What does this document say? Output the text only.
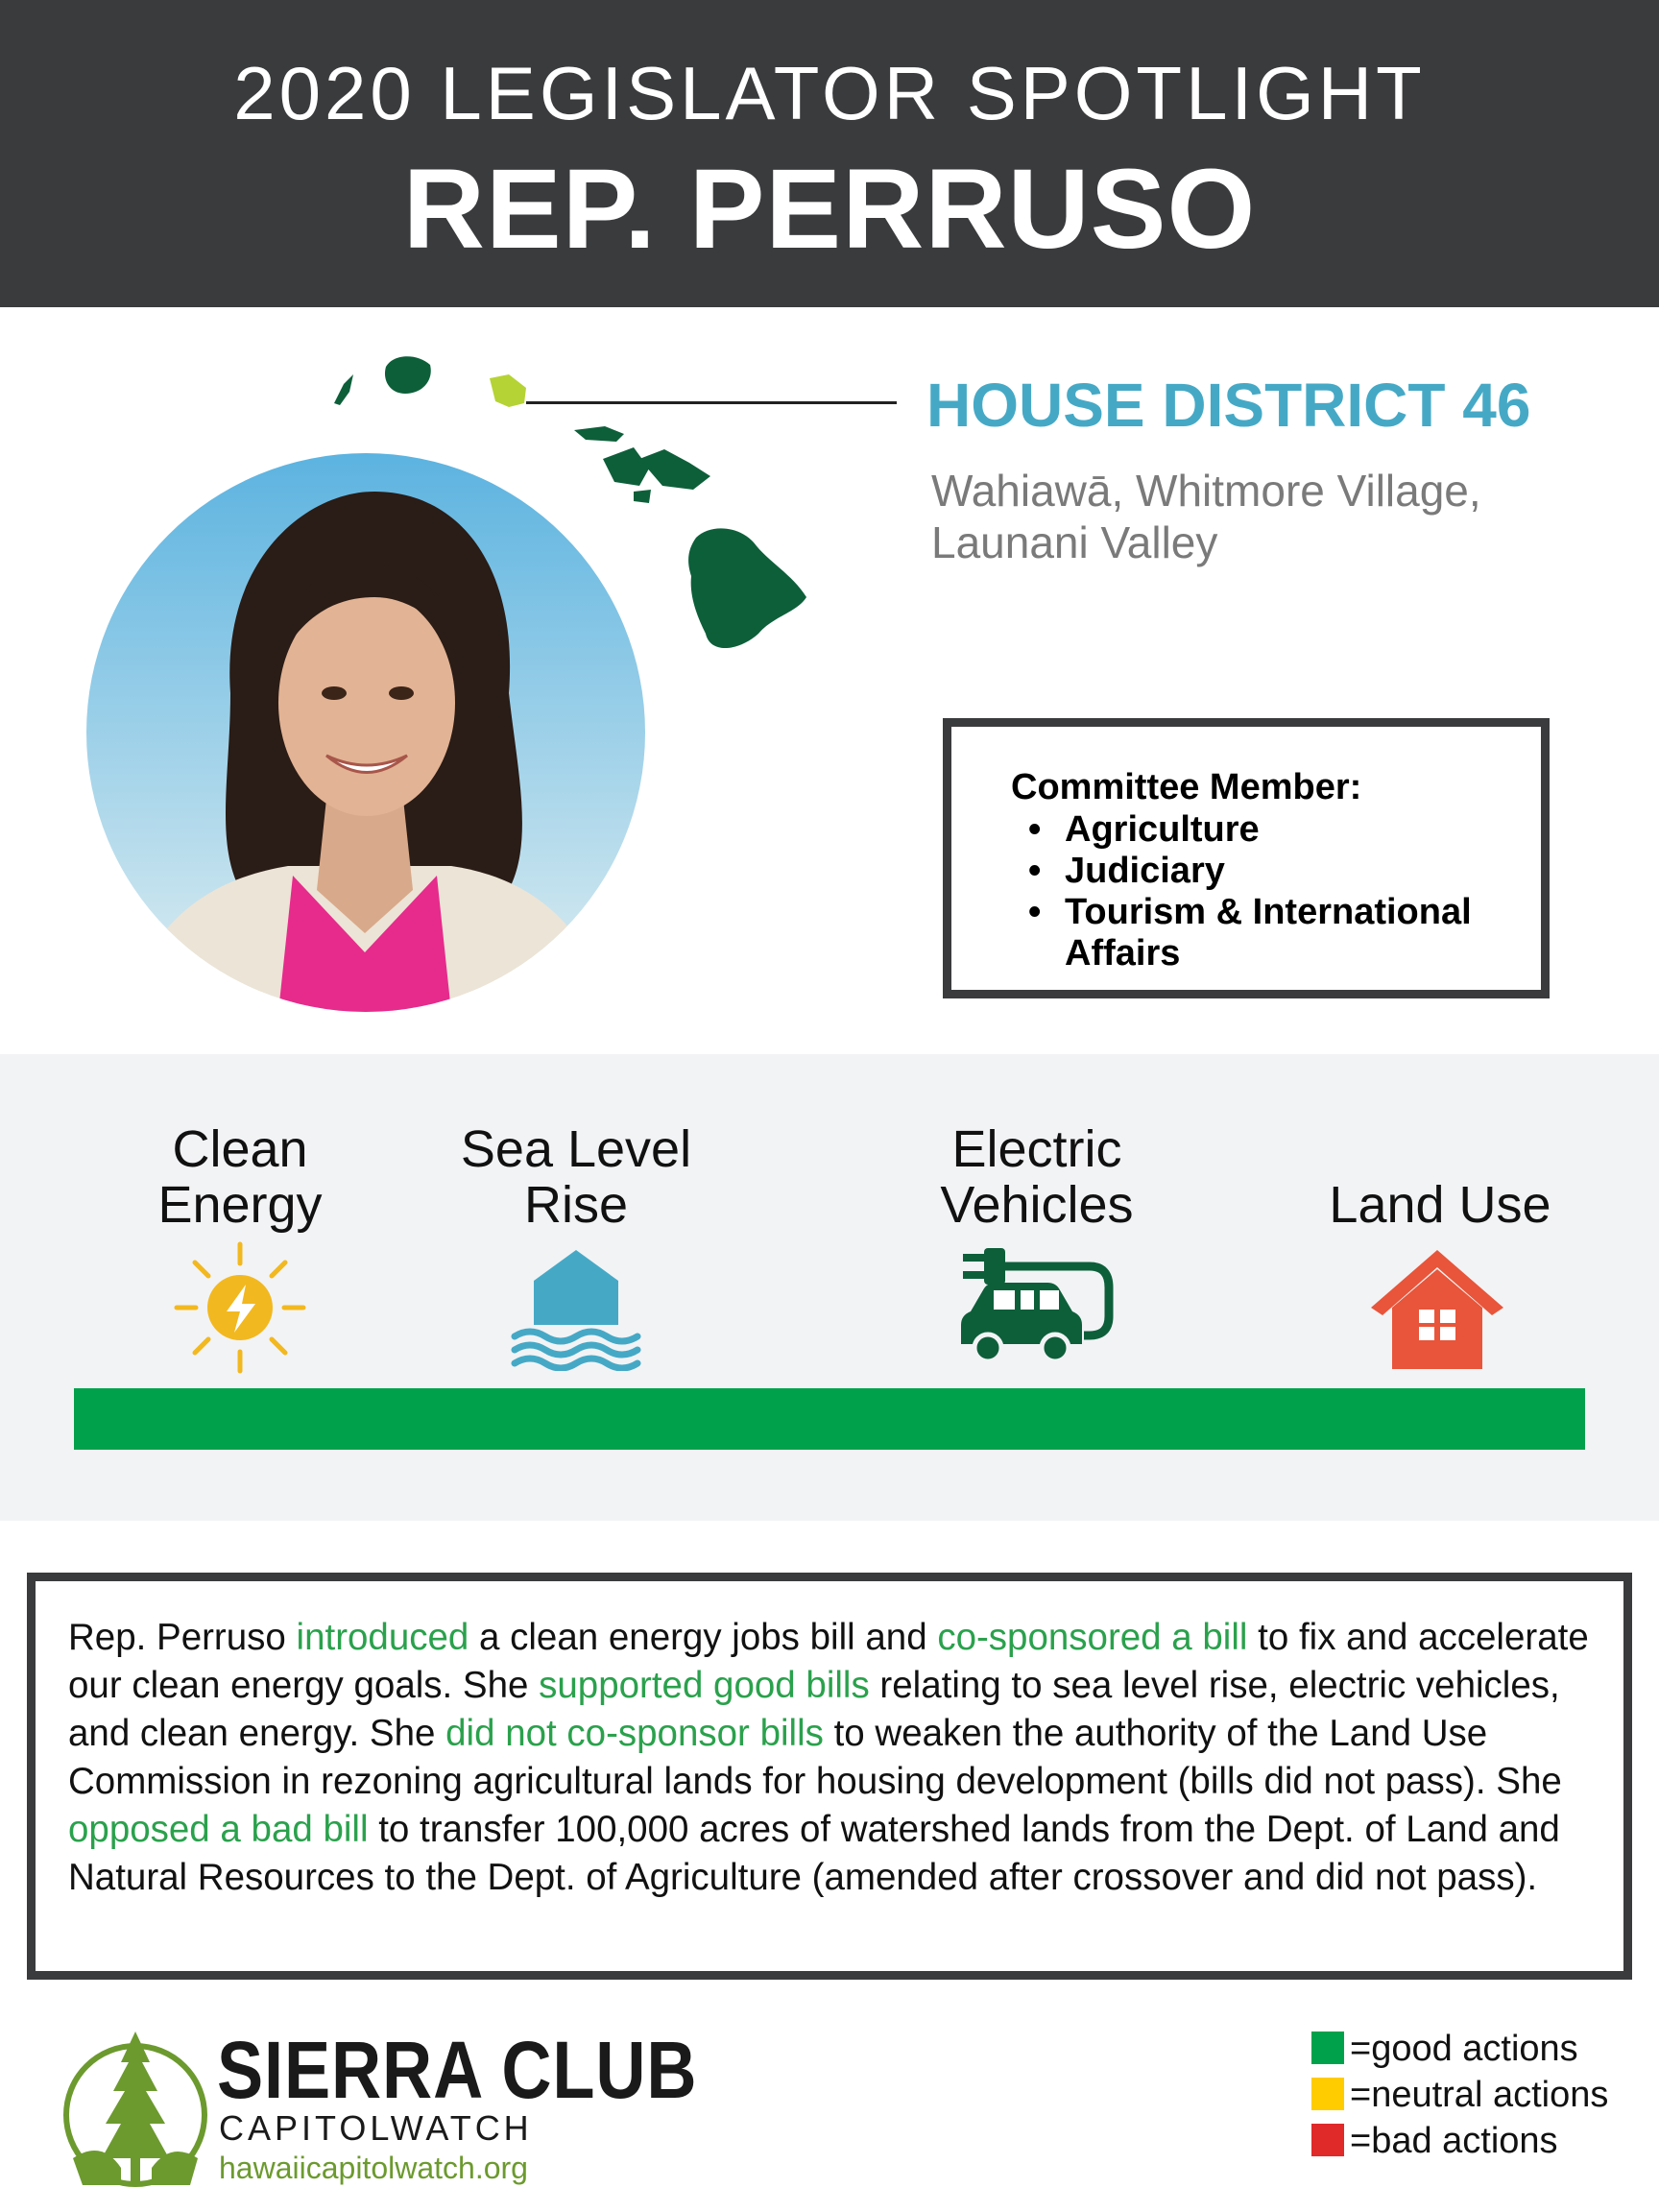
2020 LEGISLATOR SPOTLIGHT
REP. PERRUSO
HOUSE DISTRICT 46
Wahiawā, Whitmore Village,
Launani Valley
Committee Member:
• Agriculture
• Judiciary
• Tourism & International Affairs
Clean
Energy
Sea Level
Rise
Electric
Vehicles
	Land Use
Rep. Perruso introduced a clean energy jobs bill and co-sponsored a bill to fix and accelerate our clean energy goals. She supported good bills relating to sea level rise, electric vehicles, and clean energy. She did not co-sponsor bills to weaken the authority of the Land Use Commission in rezoning agricultural lands for housing development (bills did not pass). She opposed a bad bill to transfer 100,000 acres of watershed lands from the Dept. of Land and Natural Resources to the Dept. of Agriculture (amended after crossover and did not pass).
SIERRA CLUB
CAPITOLWATCH
hawaiicapitolwatch.org
=good actions
=neutral actions
=bad actions
